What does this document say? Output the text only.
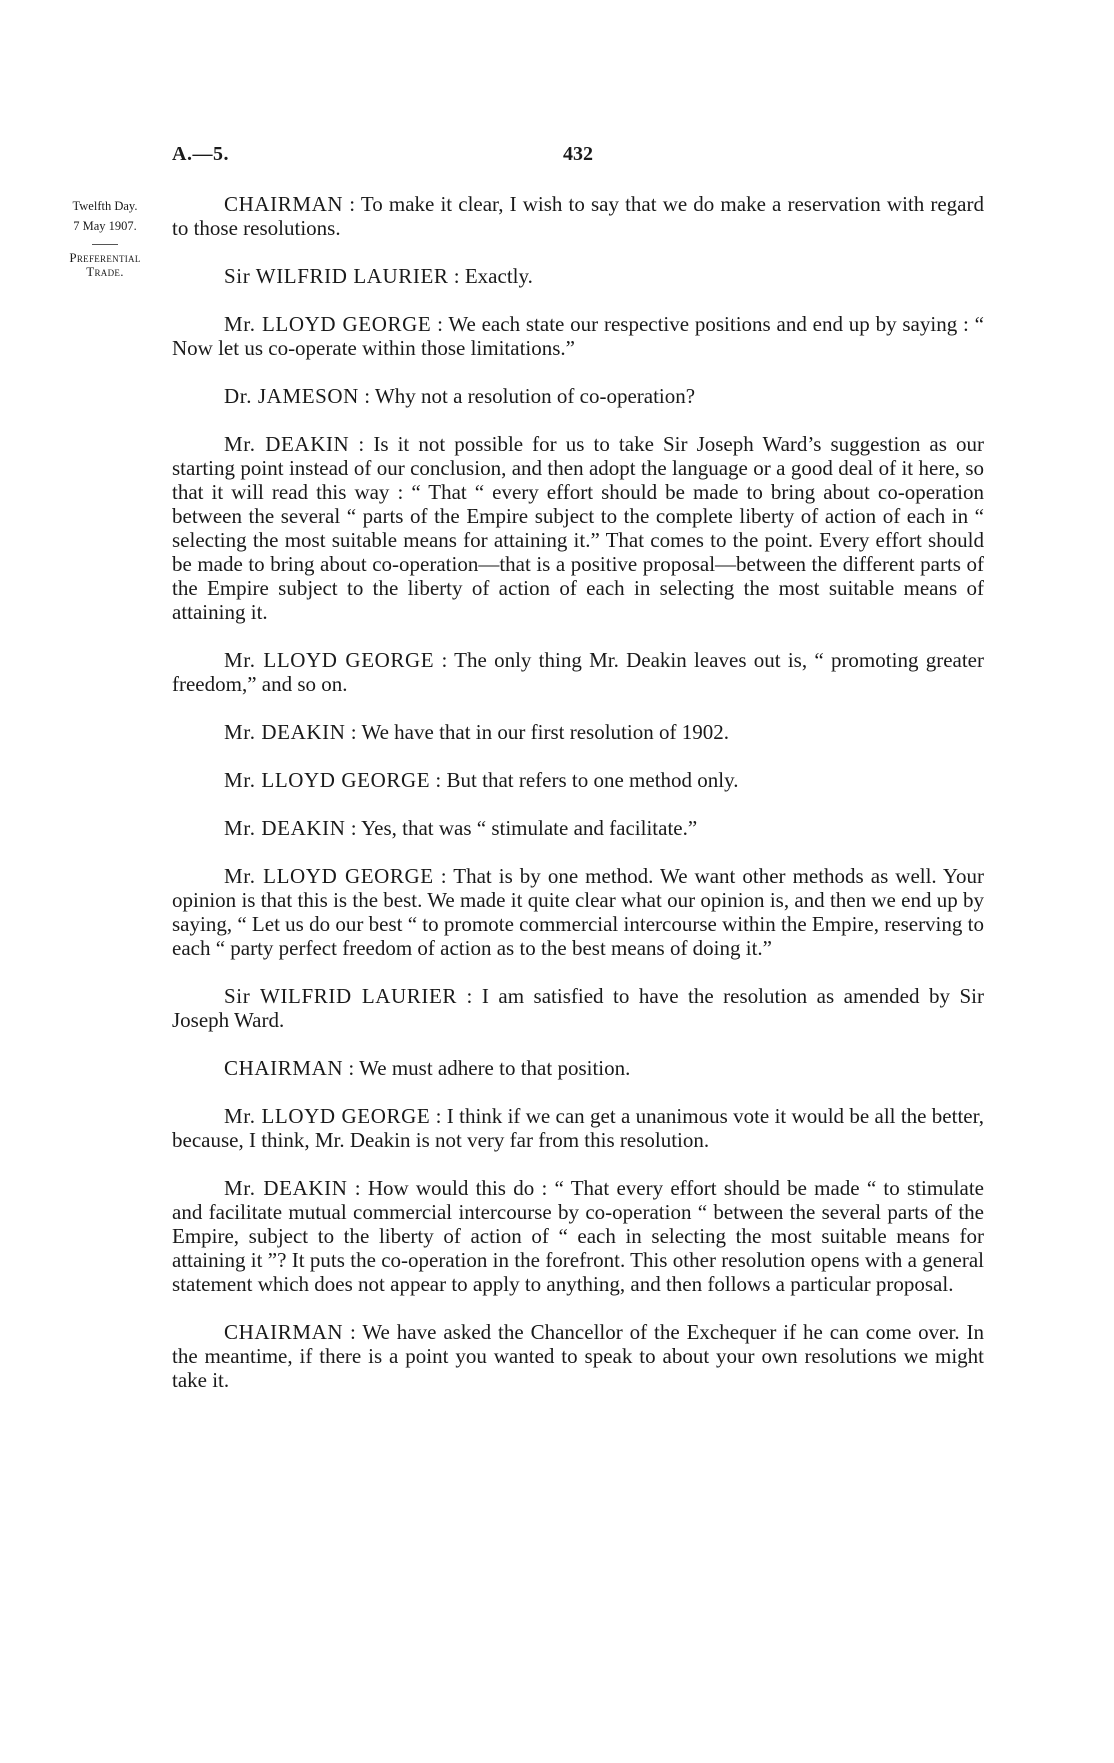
A.—5.	432
Twelfth Day.
7 May 1907.
Preferential
Trade.

CHAIRMAN : To make it clear, I wish to say that we do make a reservation with regard to those resolutions.

Sir WILFRID LAURIER : Exactly.

Mr. LLOYD GEORGE : We each state our respective positions and end up by saying : “ Now let us co-operate within those limitations.”

Dr. JAMESON : Why not a resolution of co-operation?

Mr. DEAKIN : Is it not possible for us to take Sir Joseph Ward’s suggestion as our starting point instead of our conclusion, and then adopt the language or a good deal of it here, so that it will read this way : “ That “ every effort should be made to bring about co-operation between the several “ parts of the Empire subject to the complete liberty of action of each in “ selecting the most suitable means for attaining it.” That comes to the point. Every effort should be made to bring about co-operation—that is a positive proposal—between the different parts of the Empire subject to the liberty of action of each in selecting the most suitable means of attaining it.

Mr. LLOYD GEORGE : The only thing Mr. Deakin leaves out is, “ promoting greater freedom,” and so on.

Mr. DEAKIN : We have that in our first resolution of 1902.

Mr. LLOYD GEORGE : But that refers to one method only.

Mr. DEAKIN : Yes, that was “ stimulate and facilitate.”

Mr. LLOYD GEORGE : That is by one method. We want other methods as well. Your opinion is that this is the best. We made it quite clear what our opinion is, and then we end up by saying, “ Let us do our best “ to promote commercial intercourse within the Empire, reserving to each “ party perfect freedom of action as to the best means of doing it.”

Sir WILFRID LAURIER : I am satisfied to have the resolution as amended by Sir Joseph Ward.

CHAIRMAN : We must adhere to that position.

Mr. LLOYD GEORGE : I think if we can get a unanimous vote it would be all the better, because, I think, Mr. Deakin is not very far from this resolution.

Mr. DEAKIN : How would this do : “ That every effort should be made “ to stimulate and facilitate mutual commercial intercourse by co-operation “ between the several parts of the Empire, subject to the liberty of action of “ each in selecting the most suitable means for attaining it ”? It puts the co-operation in the forefront. This other resolution opens with a general statement which does not appear to apply to anything, and then follows a particular proposal.

CHAIRMAN : We have asked the Chancellor of the Exchequer if he can come over. In the meantime, if there is a point you wanted to speak to about your own resolutions we might take it.
